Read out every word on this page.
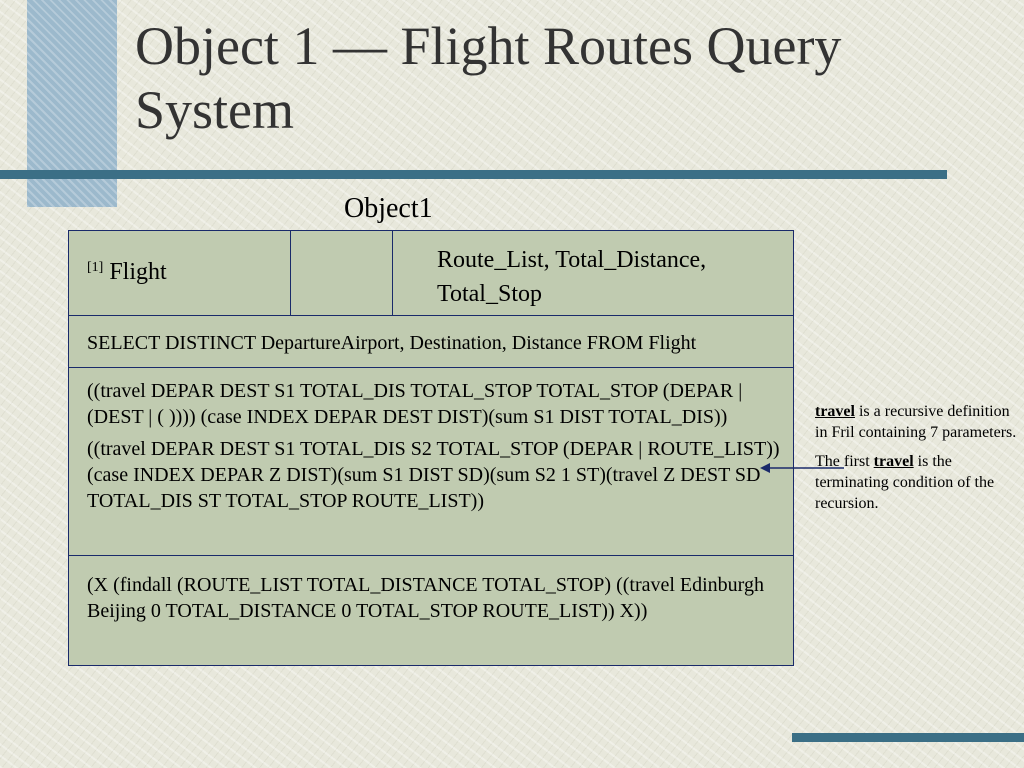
Object 1 — Flight Routes Query System
Object1
[1] Flight	Route_List, Total_Distance, Total_Stop
SELECT DISTINCT DepartureAirport, Destination, Distance FROM Flight

((travel DEPAR DEST S1 TOTAL_DIS TOTAL_STOP TOTAL_STOP (DEPAR | (DEST | ( )))) (case INDEX DEPAR DEST DIST)(sum S1 DIST TOTAL_DIS))

((travel DEPAR DEST S1 TOTAL_DIS S2 TOTAL_STOP (DEPAR | ROUTE_LIST)) (case INDEX DEPAR Z DIST)(sum S1 DIST SD)(sum S2 1 ST)(travel Z DEST SD TOTAL_DIS ST TOTAL_STOP ROUTE_LIST))

(X (findall (ROUTE_LIST TOTAL_DISTANCE TOTAL_STOP) ((travel Edinburgh Beijing 0 TOTAL_DISTANCE 0 TOTAL_STOP ROUTE_LIST)) X))

travel is a recursive definition in Fril containing 7 parameters.

The first travel is the terminating condition of the recursion.
